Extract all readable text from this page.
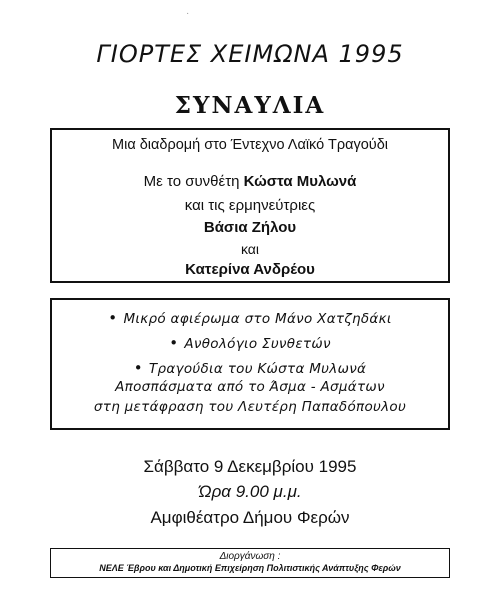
·
ΓΙΟΡΤΕΣ ΧΕΙΜΩΝΑ 1995
ΣΥΝΑΥΛΙΑ
Μια διαδρομή στο Έντεχνο Λαϊκό Τραγούδι
Με το συνθέτη Κώστα Μυλωνά
και τις ερμηνεύτριες
Βάσια Ζήλου
και
Κατερίνα Ανδρέου
• Μικρό αφιέρωμα στο Μάνο Χατζηδάκι
• Ανθολόγιο Συνθετών
• Τραγούδια του Κώστα Μυλωνά
Αποσπάσματα από το Άσμα - Ασμάτων
στη μετάφραση του Λευτέρη Παπαδόπουλου
Σάββατο 9 Δεκεμβρίου 1995
Ώρα 9.00 μ.μ.
Αμφιθέατρο Δήμου Φερών
Διοργάνωση :
ΝΕΛΕ Έβρου και Δημοτική Επιχείρηση Πολιτιστικής Ανάπτυξης Φερών
